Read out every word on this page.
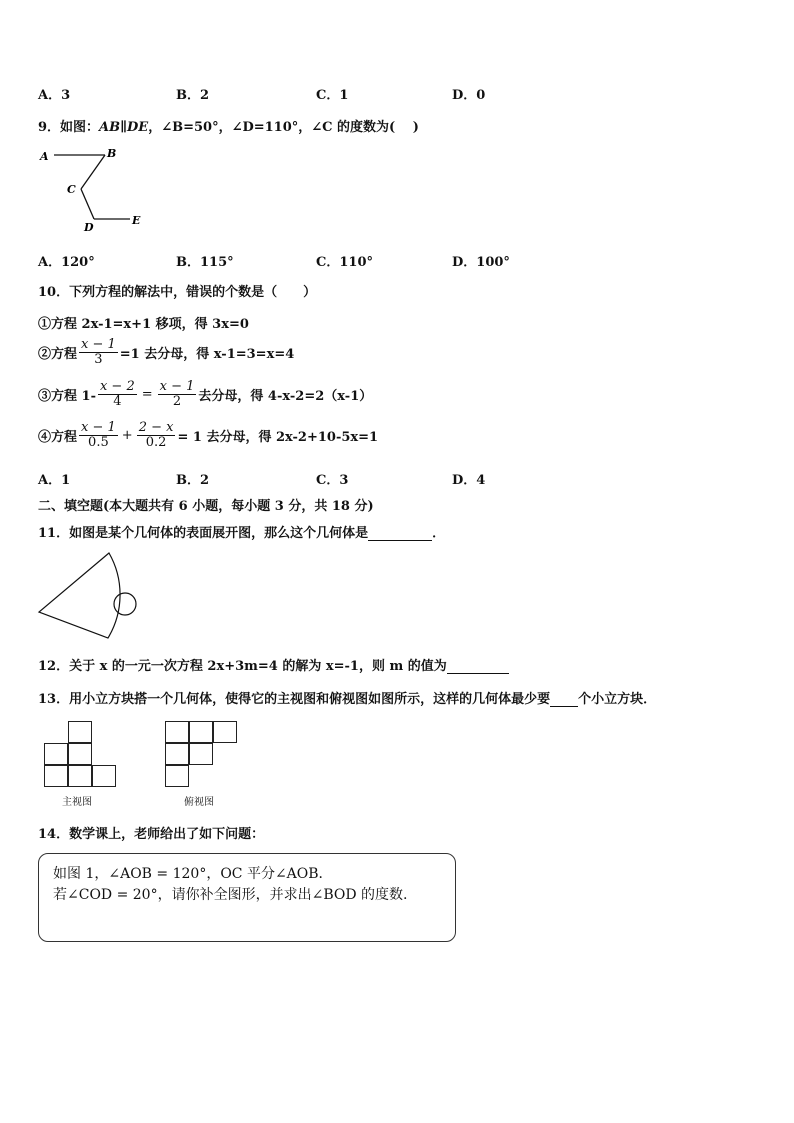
A．3	B．2	C．1	D．0
9．如图：AB∥DE，∠B=50°，∠D=110°，∠C 的度数为(　 )
A	B
C
D
E
A．120°	B．115°	C．110°	D．100°
10．下列方程的解法中，错误的个数是（　　）
①方程 2x-1=x+1 移项，得 3x=0
②方程 $\frac{x - 1}{3} =1$ 去分母，得 x-1=3=x=4
③方程 $1- \frac{x - 2}{4} = \frac{x - 1}{2}$ 去分母，得 4-x-2=2（x-1）
④方程 $\frac{x - 1}{0.5} + \frac{2 - x}{0.2} = 1$ 去分母，得 2x-2+10-5x=1
A．1	B．2	C．3	D．4
二、填空题(本大题共有 6 小题，每小题 3 分，共 18 分)
11．如图是某个几何体的表面展开图，那么这个几何体是	．
12．关于 x 的一元一次方程 2x+3m=4 的解为 x=-1，则 m 的值为
13．用小立方块搭一个几何体，使得它的主视图和俯视图如图所示，这样的几何体最少要 个小立方块．
主视图	俯视图
14．数学课上，老师给出了如下问题：
如图 1，∠AOB = 120°，OC 平分∠AOB．
若∠COD = 20°，请你补全图形，并求出∠BOD 的度数.
